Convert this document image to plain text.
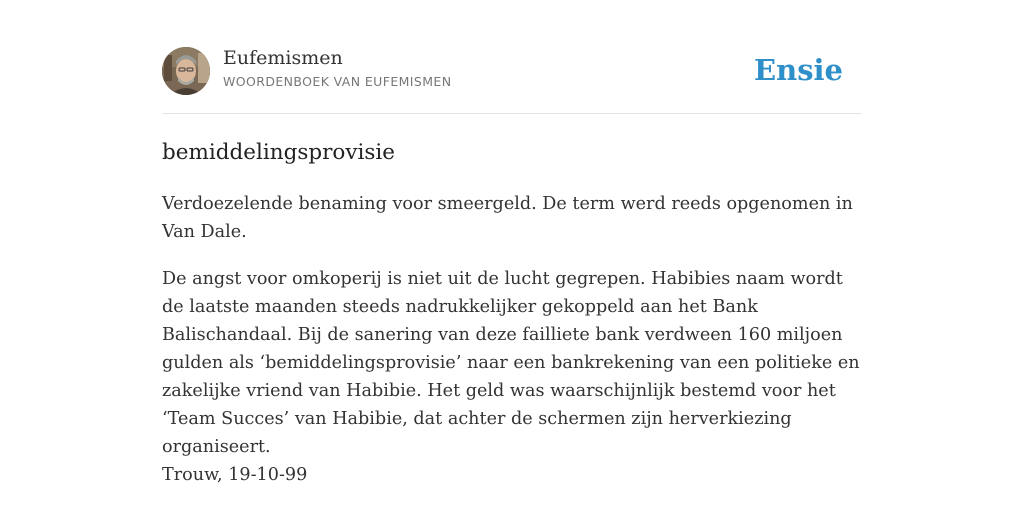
Eufemismen
WOORDENBOEK VAN EUFEMISMEN	Ensie
bemiddelingsprovisie

Verdoezelende benaming voor smeergeld. De term werd reeds opgenomen in Van Dale.

De angst voor omkoperij is niet uit de lucht gegrepen. Habibies naam wordt de laatste maanden steeds nadrukkelijker gekoppeld aan het Bank Balischandaal. Bij de sanering van deze failliete bank verdween 160 miljoen gulden als ‘bemiddelingsprovisie’ naar een bankrekening van een politieke en zakelijke vriend van Habibie. Het geld was waarschijnlijk bestemd voor het ‘Team Succes’ van Habibie, dat achter de schermen zijn herverkiezing organiseert.

Trouw, 19-10-99
